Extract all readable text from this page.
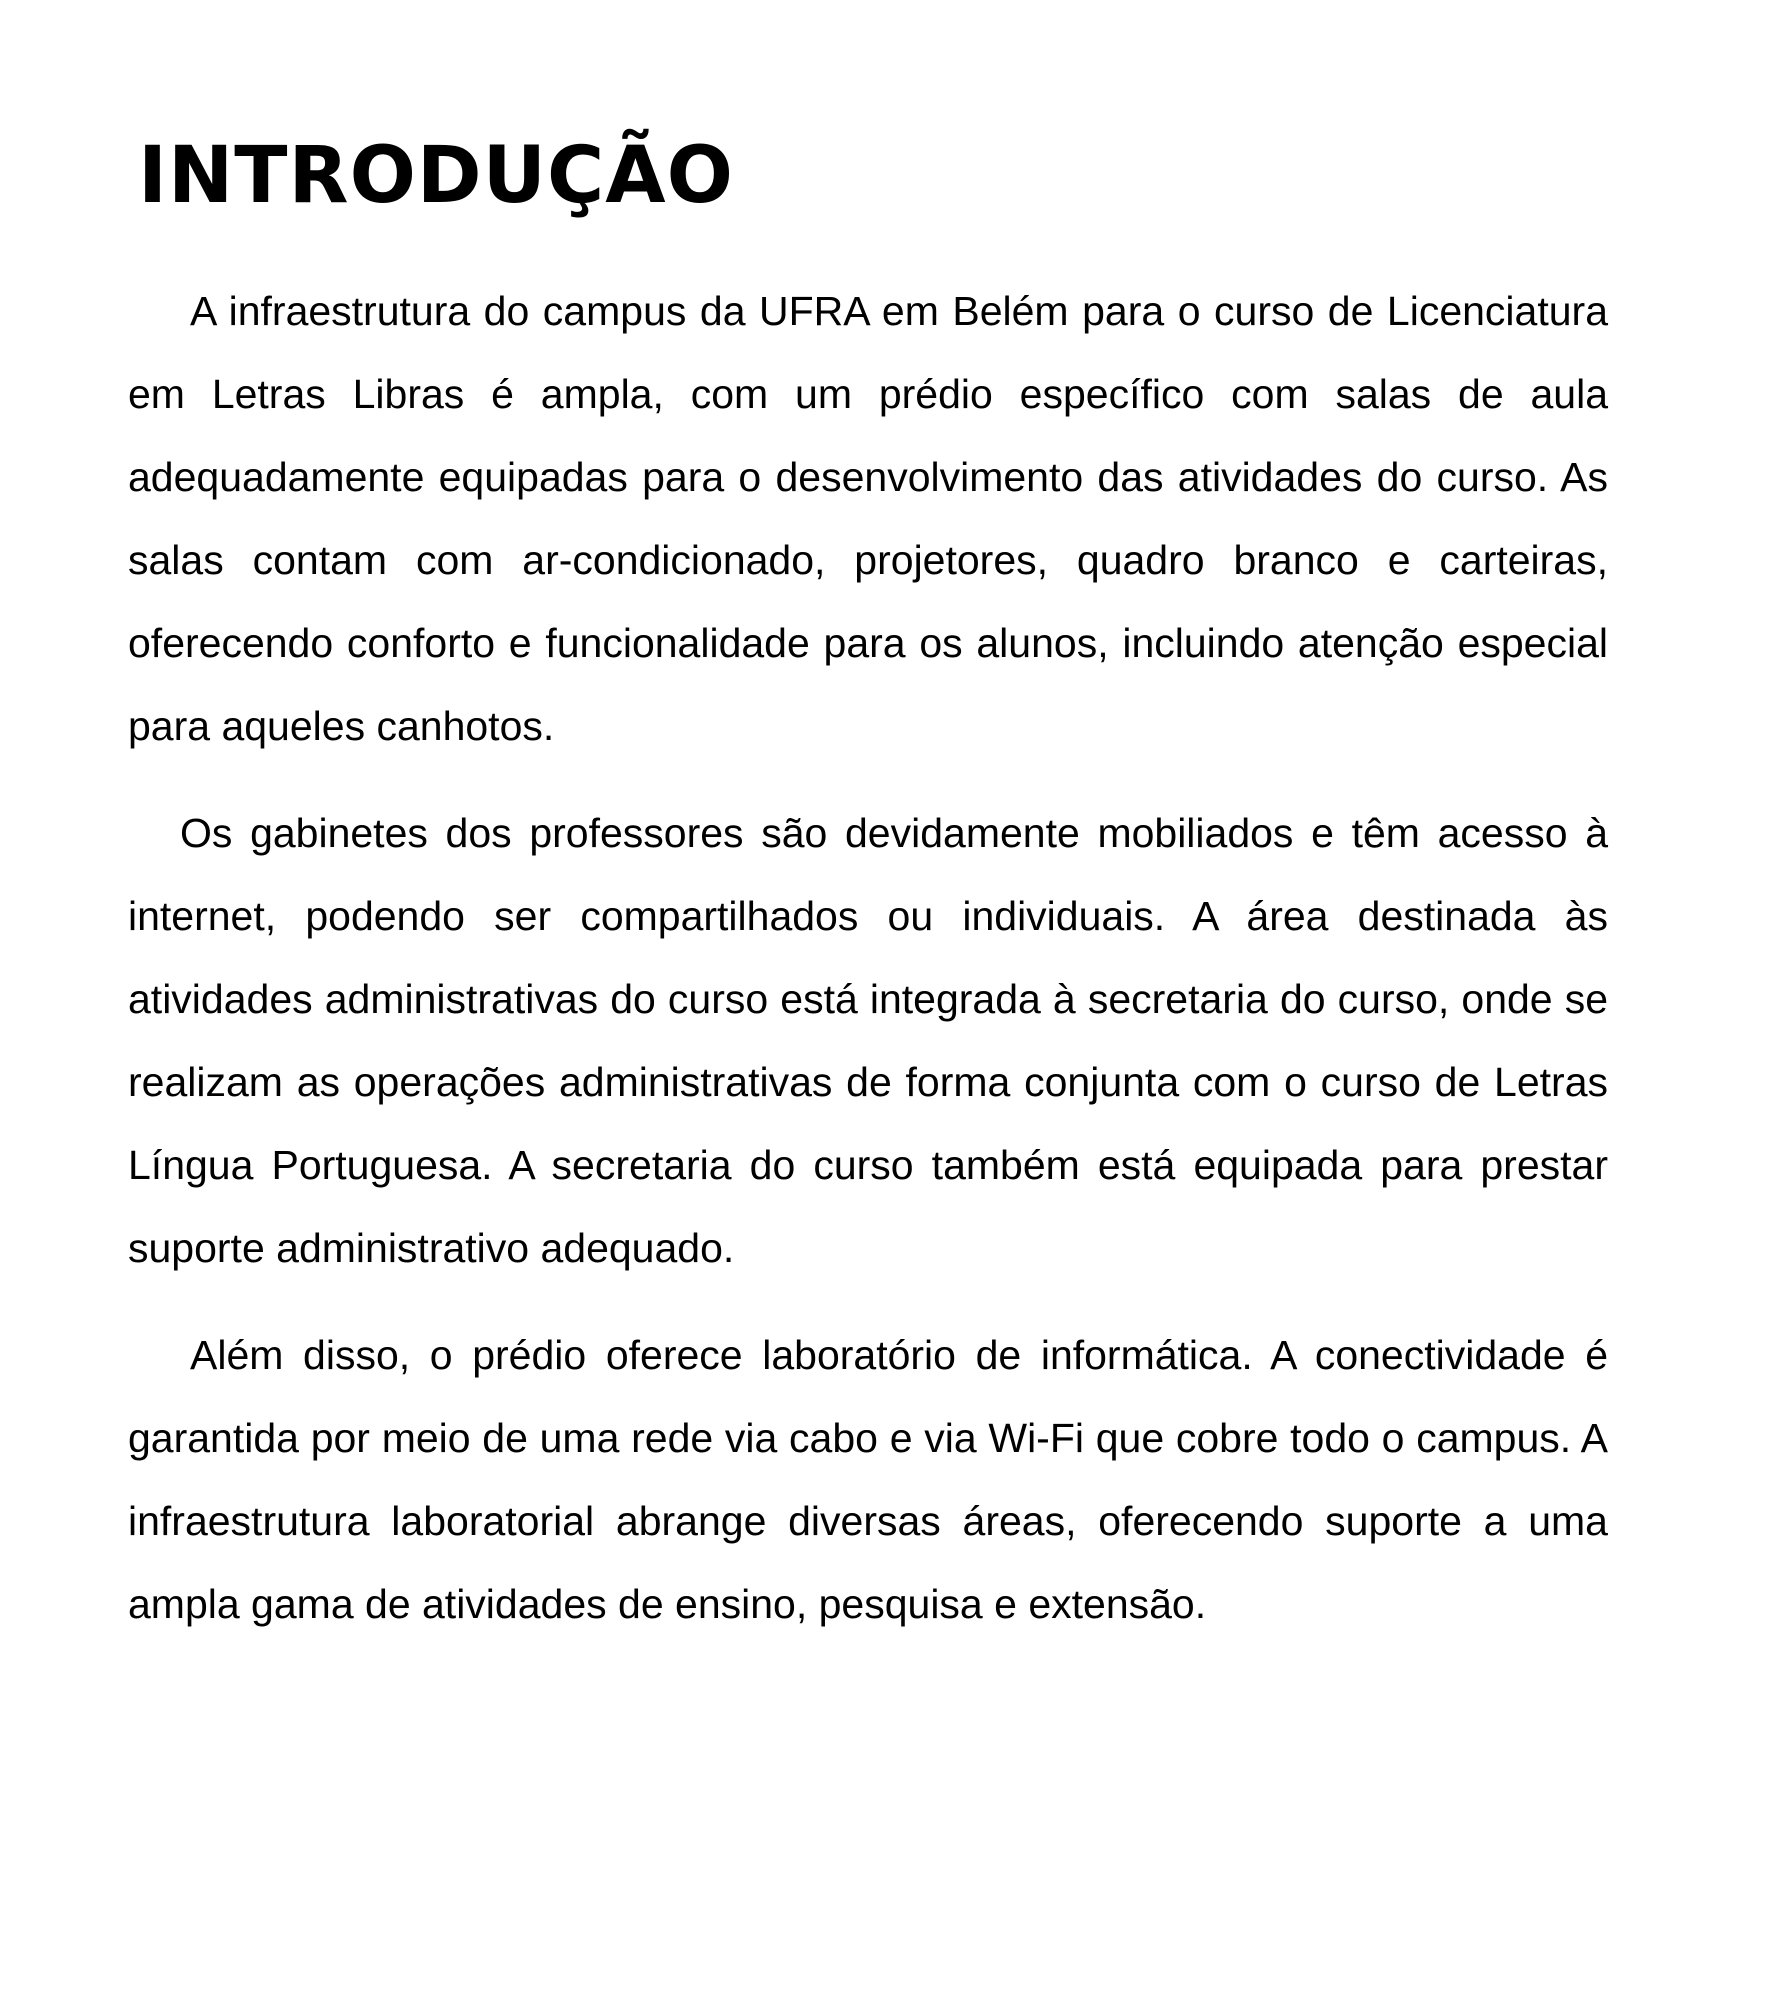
INTRODUÇÃO

A infraestrutura do campus da UFRA em Belém para o curso de Licenciatura em Letras Libras é ampla, com um prédio específico com salas de aula adequadamente equipadas para o desenvolvimento das atividades do curso. As salas contam com ar-condicionado, projetores, quadro branco e carteiras, oferecendo conforto e funcionalidade para os alunos, incluindo atenção especial para aqueles canhotos.

Os gabinetes dos professores são devidamente mobiliados e têm acesso à internet, podendo ser compartilhados ou individuais. A área destinada às atividades administrativas do curso está integrada à secretaria do curso, onde se realizam as operações administrativas de forma conjunta com o curso de Letras Língua Portuguesa. A secretaria do curso também está equipada para prestar suporte administrativo adequado.

Além disso, o prédio oferece laboratório de informática. A conectividade é garantida por meio de uma rede via cabo e via Wi-Fi que cobre todo o campus. A infraestrutura laboratorial abrange diversas áreas, oferecendo suporte a uma ampla gama de atividades de ensino, pesquisa e extensão.
